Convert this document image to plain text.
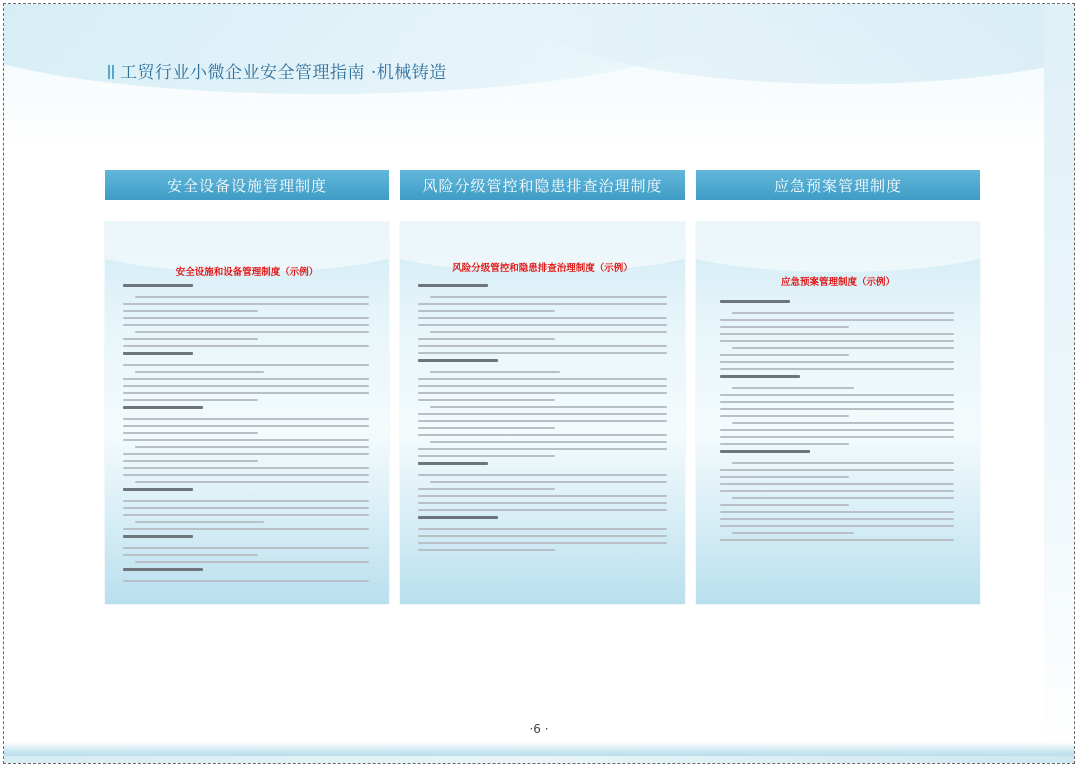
工贸行业小微企业安全管理指南 ·机械铸造
安全设备设施管理制度	风险分级管控和隐患排查治理制度	应急预案管理制度
安全设施和设备管理制度（示例）	风险分级管控和隐患排查治理制度（示例）
应急预案管理制度（示例）
·6 ·
